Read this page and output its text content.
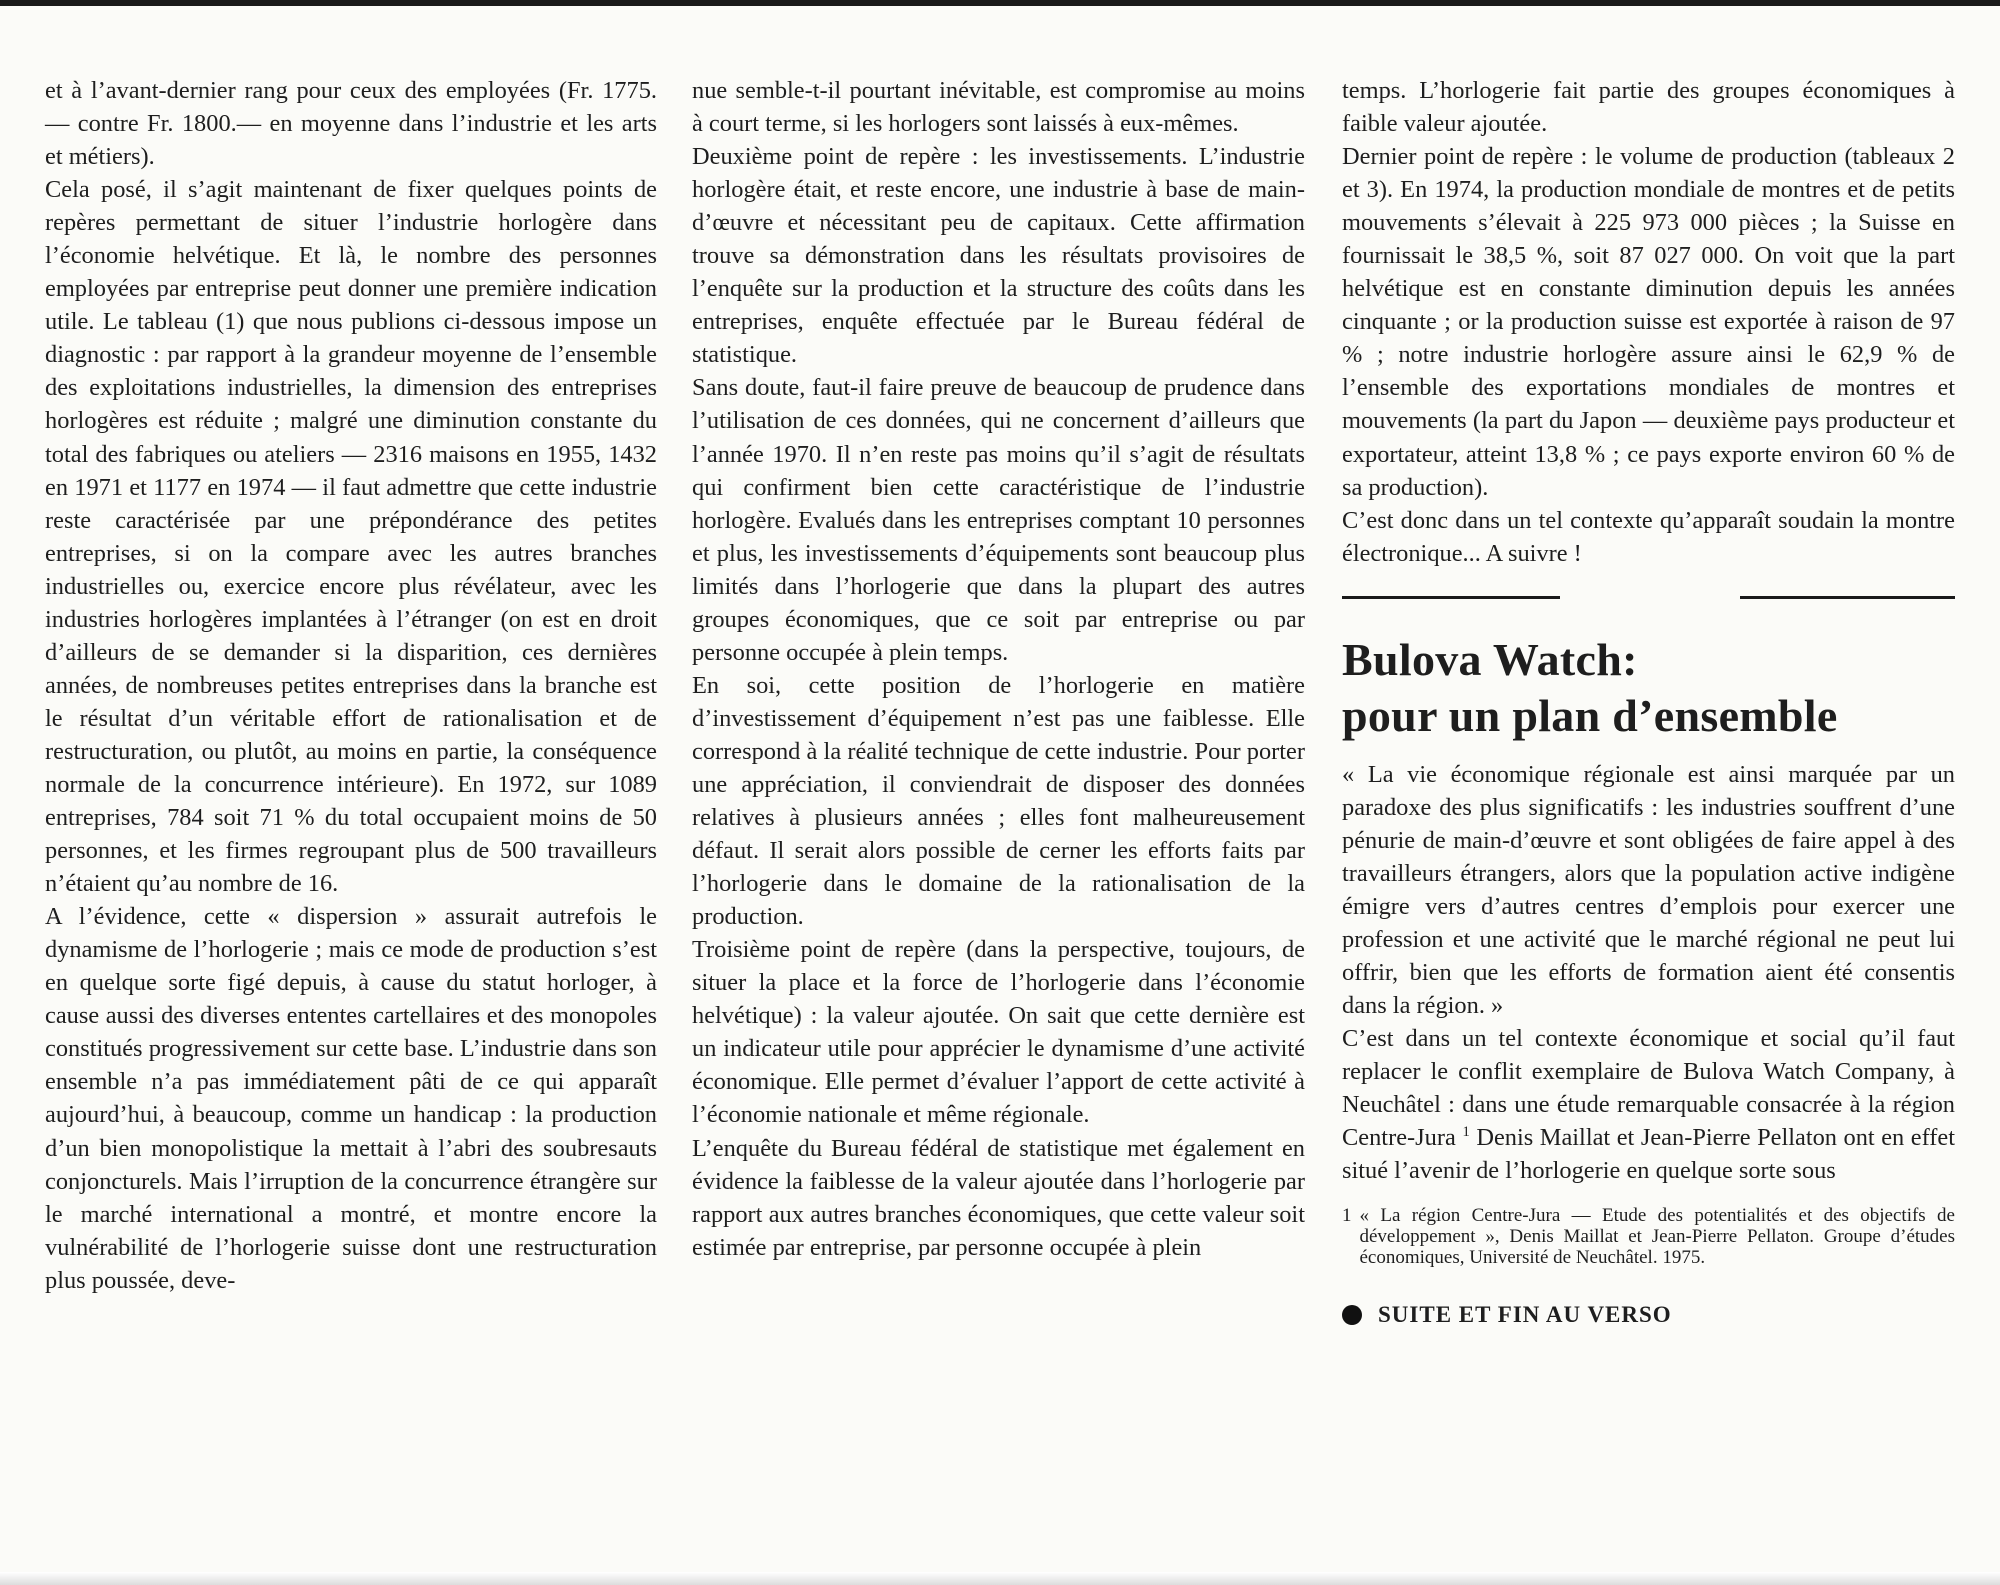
et à l’avant-dernier rang pour ceux des employées (Fr. 1775.— contre Fr. 1800.— en moyenne dans l’industrie et les arts et métiers).

Cela posé, il s’agit maintenant de fixer quelques points de repères permettant de situer l’industrie horlogère dans l’économie helvétique. Et là, le nombre des personnes employées par entreprise peut donner une première indication utile. Le tableau (1) que nous publions ci-dessous impose un diagnostic : par rapport à la grandeur moyenne de l’ensemble des exploitations industrielles, la dimension des entreprises horlogères est réduite ; malgré une diminution constante du total des fabriques ou ateliers — 2316 maisons en 1955, 1432 en 1971 et 1177 en 1974 — il faut admettre que cette industrie reste caractérisée par une prépondérance des petites entreprises, si on la compare avec les autres branches industrielles ou, exercice encore plus révélateur, avec les industries horlogères implantées à l’étranger (on est en droit d’ailleurs de se demander si la disparition, ces dernières années, de nombreuses petites entreprises dans la branche est le résultat d’un véritable effort de rationalisation et de restructuration, ou plutôt, au moins en partie, la conséquence normale de la concurrence intérieure). En 1972, sur 1089 entreprises, 784 soit 71 % du total occupaient moins de 50 personnes, et les firmes regroupant plus de 500 travailleurs n’étaient qu’au nombre de 16.

A l’évidence, cette « dispersion » assurait autrefois le dynamisme de l’horlogerie ; mais ce mode de production s’est en quelque sorte figé depuis, à cause du statut horloger, à cause aussi des diverses ententes cartellaires et des monopoles constitués progressivement sur cette base. L’industrie dans son ensemble n’a pas immédiatement pâti de ce qui apparaît aujourd’hui, à beaucoup, comme un handicap : la production d’un bien monopolistique la mettait à l’abri des soubresauts conjoncturels. Mais l’irruption de la concurrence étrangère sur le marché international a montré, et montre encore la vulnérabilité de l’horlogerie suisse dont une restructuration plus poussée, deve-

nue semble-t-il pourtant inévitable, est compromise au moins à court terme, si les horlogers sont laissés à eux-mêmes.

Deuxième point de repère : les investissements. L’industrie horlogère était, et reste encore, une industrie à base de main-d’œuvre et nécessitant peu de capitaux. Cette affirmation trouve sa démonstration dans les résultats provisoires de l’enquête sur la production et la structure des coûts dans les entreprises, enquête effectuée par le Bureau fédéral de statistique.

Sans doute, faut-il faire preuve de beaucoup de prudence dans l’utilisation de ces données, qui ne concernent d’ailleurs que l’année 1970. Il n’en reste pas moins qu’il s’agit de résultats qui confirment bien cette caractéristique de l’industrie horlogère. Evalués dans les entreprises comptant 10 personnes et plus, les investissements d’équipements sont beaucoup plus limités dans l’horlogerie que dans la plupart des autres groupes économiques, que ce soit par entreprise ou par personne occupée à plein temps.

En soi, cette position de l’horlogerie en matière d’investissement d’équipement n’est pas une faiblesse. Elle correspond à la réalité technique de cette industrie. Pour porter une appréciation, il conviendrait de disposer des données relatives à plusieurs années ; elles font malheureusement défaut. Il serait alors possible de cerner les efforts faits par l’horlogerie dans le domaine de la rationalisation de la production.

Troisième point de repère (dans la perspective, toujours, de situer la place et la force de l’horlogerie dans l’économie helvétique) : la valeur ajoutée. On sait que cette dernière est un indicateur utile pour apprécier le dynamisme d’une activité économique. Elle permet d’évaluer l’apport de cette activité à l’économie nationale et même régionale.

L’enquête du Bureau fédéral de statistique met également en évidence la faiblesse de la valeur ajoutée dans l’horlogerie par rapport aux autres branches économiques, que cette valeur soit estimée par entreprise, par personne occupée à plein

temps. L’horlogerie fait partie des groupes économiques à faible valeur ajoutée.

Dernier point de repère : le volume de production (tableaux 2 et 3). En 1974, la production mondiale de montres et de petits mouvements s’élevait à 225 973 000 pièces ; la Suisse en fournissait le 38,5 %, soit 87 027 000. On voit que la part helvétique est en constante diminution depuis les années cinquante ; or la production suisse est exportée à raison de 97 % ; notre industrie horlogère assure ainsi le 62,9 % de l’ensemble des exportations mondiales de montres et mouvements (la part du Japon — deuxième pays producteur et exportateur, atteint 13,8 % ; ce pays exporte environ 60 % de sa production).

C’est donc dans un tel contexte qu’apparaît soudain la montre électronique... A suivre !

Bulova Watch:
pour un plan d’ensemble

« La vie économique régionale est ainsi marquée par un paradoxe des plus significatifs : les industries souffrent d’une pénurie de main-d’œuvre et sont obligées de faire appel à des travailleurs étrangers, alors que la population active indigène émigre vers d’autres centres d’emplois pour exercer une profession et une activité que le marché régional ne peut lui offrir, bien que les efforts de formation aient été consentis dans la région. »

C’est dans un tel contexte économique et social qu’il faut replacer le conflit exemplaire de Bulova Watch Company, à Neuchâtel : dans une étude remarquable consacrée à la région Centre-Jura $^1$ Denis Maillat et Jean-Pierre Pellaton ont en effet situé l’avenir de l’horlogerie en quelque sorte sous

1 « La région Centre-Jura — Etude des potentialités et des objectifs de développement », Denis Maillat et Jean-Pierre Pellaton. Groupe d’études économiques, Université de Neuchâtel. 1975.
SUITE ET FIN AU VERSO
